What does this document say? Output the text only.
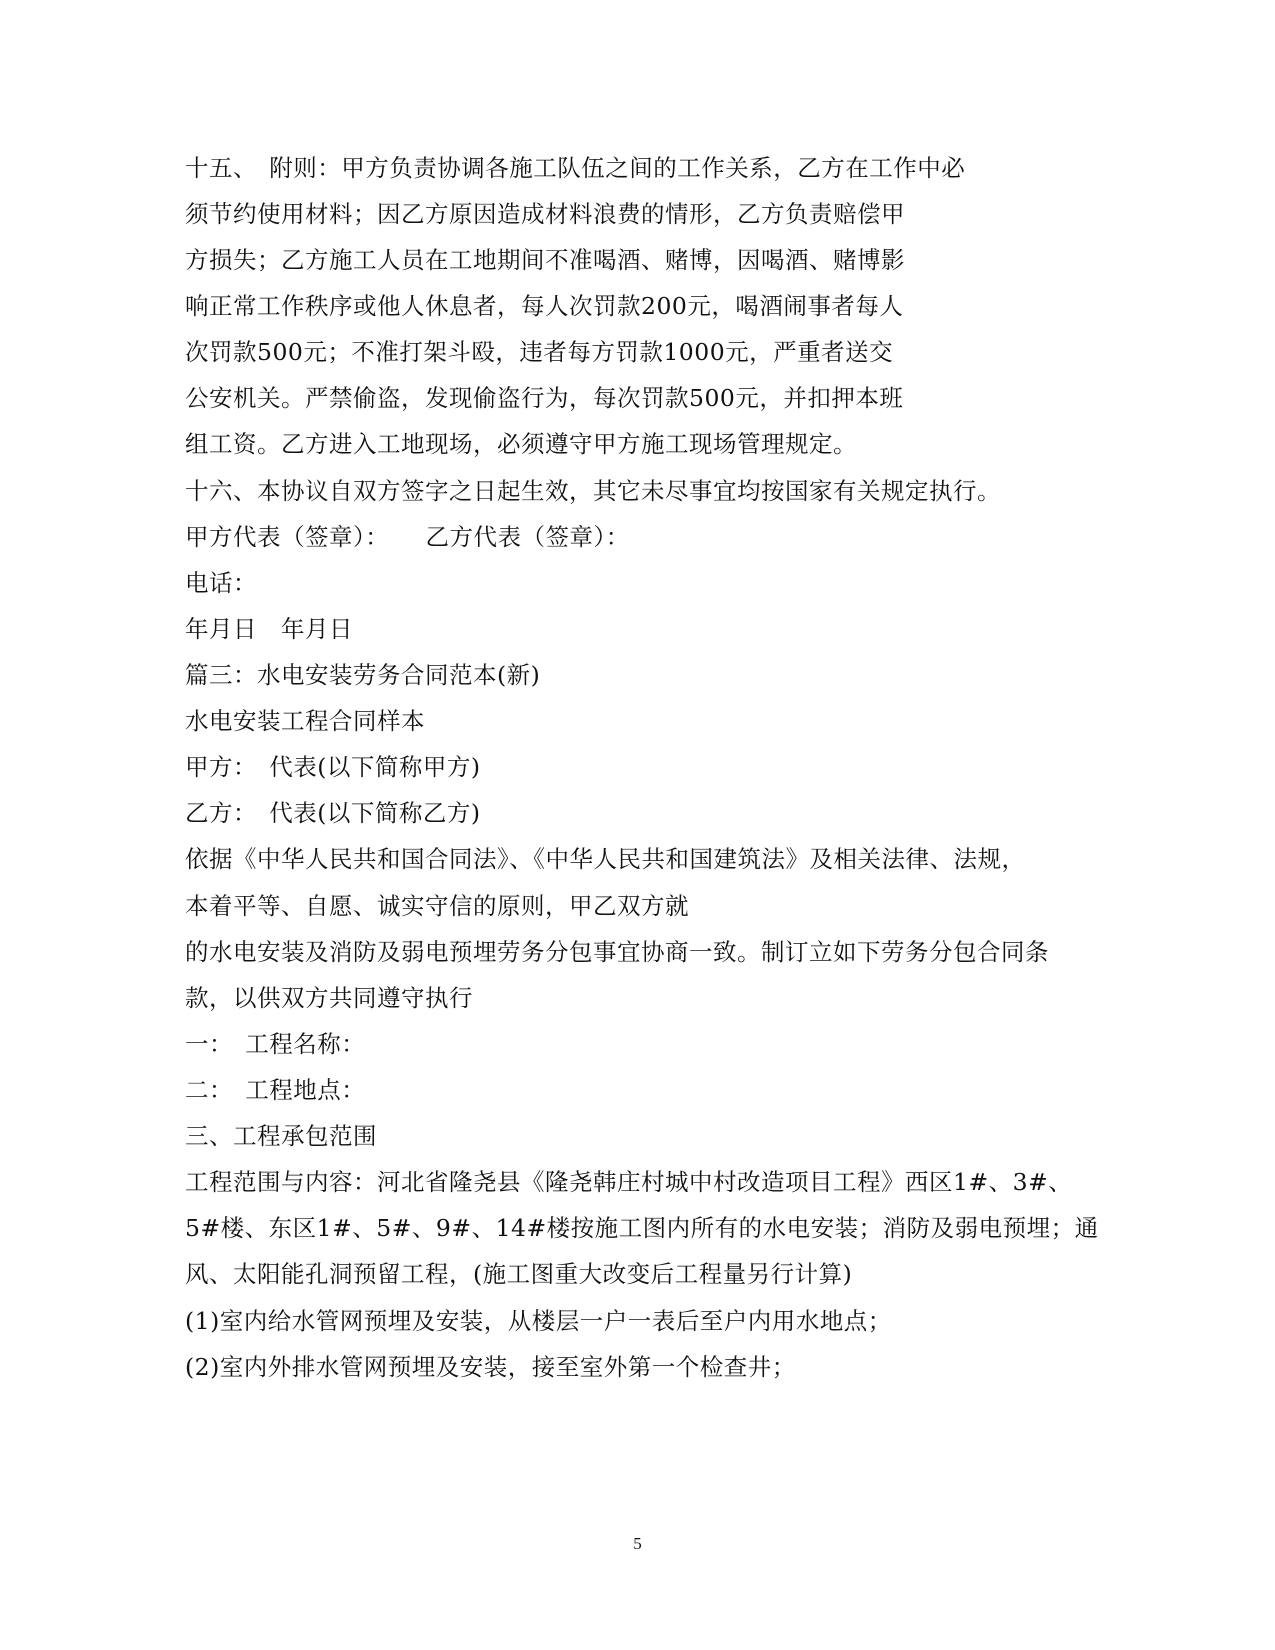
十五、　附则：甲方负责协调各施工队伍之间的工作关系，乙方在工作中必
须节约使用材料；因乙方原因造成材料浪费的情形，乙方负责赔偿甲
方损失；乙方施工人员在工地期间不准喝酒、赌博，因喝酒、赌博影
响正常工作秩序或他人休息者，每人次罚款200元，喝酒闹事者每人
次罚款500元；不准打架斗殴，违者每方罚款1000元，严重者送交
公安机关。严禁偷盗，发现偷盗行为，每次罚款500元，并扣押本班
组工资。乙方进入工地现场，必须遵守甲方施工现场管理规定。
十六、本协议自双方签字之日起生效，其它未尽事宜均按国家有关规定执行。
甲方代表（签章）：　　乙方代表（签章）：
电话：
年月日　年月日
篇三：水电安装劳务合同范本(新)
水电安装工程合同样本
甲方：　代表(以下简称甲方)
乙方：　代表(以下简称乙方)
依据《中华人民共和国合同法》、《中华人民共和国建筑法》及相关法律、法规，
本着平等、自愿、诚实守信的原则，甲乙双方就
的水电安装及消防及弱电预埋劳务分包事宜协商一致。制订立如下劳务分包合同条
款，以供双方共同遵守执行
一：　工程名称：
二：　工程地点：
三、工程承包范围
工程范围与内容：河北省隆尧县《隆尧韩庄村城中村改造项目工程》西区1#、3#、
5#楼、东区1#、5#、9#、14#楼按施工图内所有的水电安装；消防及弱电预埋；通
风、太阳能孔洞预留工程，(施工图重大改变后工程量另行计算)
(1)室内给水管网预埋及安装，从楼层一户一表后至户内用水地点；
(2)室内外排水管网预埋及安装，接至室外第一个检查井；
5
